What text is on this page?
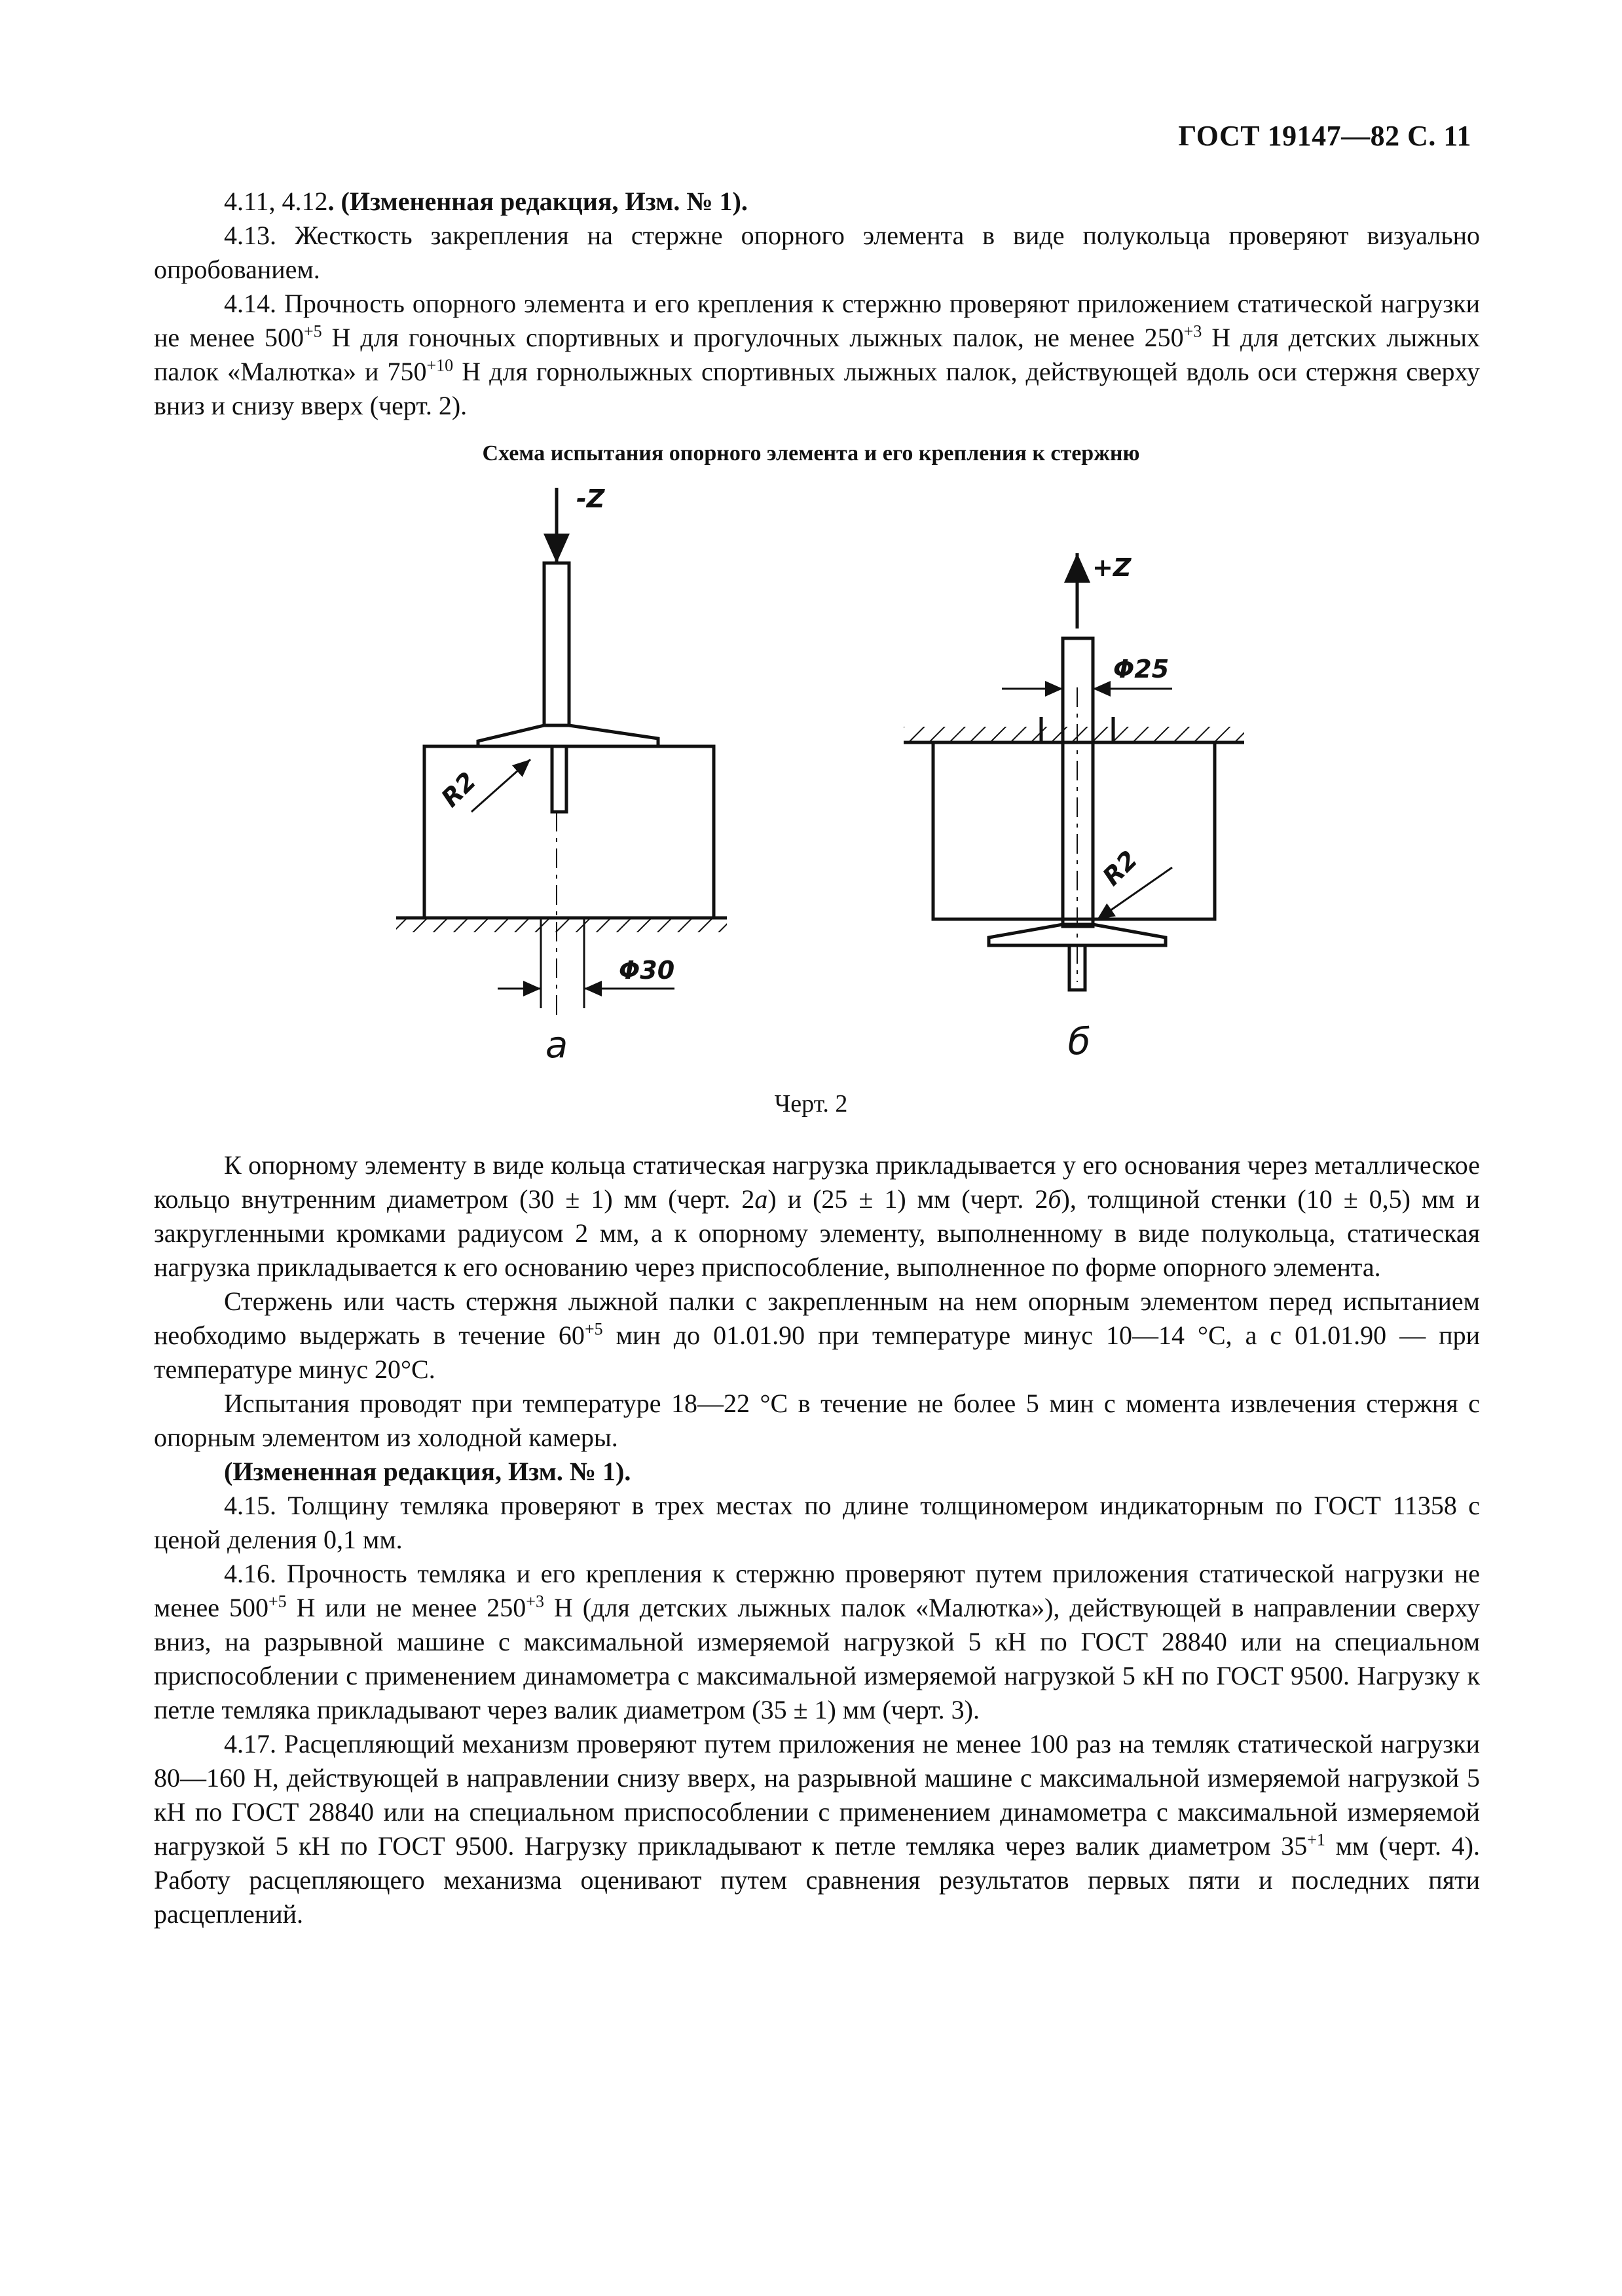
ГОСТ 19147—82 С. 11

4.11, 4.12. (Измененная редакция, Изм. № 1).

4.13. Жесткость закрепления на стержне опорного элемента в виде полукольца проверяют визуально опробованием.

4.14. Прочность опорного элемента и его крепления к стержню проверяют приложением статической нагрузки не менее $500^{+5}$ Н для гоночных спортивных и прогулочных лыжных палок, не менее $250^{+3}$ Н для детских лыжных палок «Малютка» и $750^{+10}$ Н для горнолыжных спортивных лыжных палок, действующей вдоль оси стержня сверху вниз и снизу вверх (черт. 2).

Схема испытания опорного элемента и его крепления к стержню
-Z
R2
Φ30
а
+Z
Φ25
R2
б
Черт. 2

К опорному элементу в виде кольца статическая нагрузка прикладывается у его основания через металлическое кольцо внутренним диаметром (30 ± 1) мм (черт. 2а) и (25 ± 1) мм (черт. 2б), толщиной стенки (10 ± 0,5) мм и закругленными кромками радиусом 2 мм, а к опорному элементу, выполненному в виде полукольца, статическая нагрузка прикладывается к его основанию через приспособление, выполненное по форме опорного элемента.

Стержень или часть стержня лыжной палки с закрепленным на нем опорным элементом перед испытанием необходимо выдержать в течение $60^{+5}$ мин до 01.01.90 при температуре минус 10—14 °С, а с 01.01.90 — при температуре минус 20°С.

Испытания проводят при температуре 18—22 °С в течение не более 5 мин с момента извлечения стержня с опорным элементом из холодной камеры.

(Измененная редакция, Изм. № 1).

4.15. Толщину темляка проверяют в трех местах по длине толщиномером индикаторным по ГОСТ 11358 с ценой деления 0,1 мм.

4.16. Прочность темляка и его крепления к стержню проверяют путем приложения статической нагрузки не менее $500^{+5}$ Н или не менее $250^{+3}$ Н (для детских лыжных палок «Малютка»), действующей в направлении сверху вниз, на разрывной машине с максимальной измеряемой нагрузкой 5 кН по ГОСТ 28840 или на специальном приспособлении с применением динамометра с максимальной измеряемой нагрузкой 5 кН по ГОСТ 9500. Нагрузку к петле темляка прикладывают через валик диаметром (35 ± 1) мм (черт. 3).

4.17. Расцепляющий механизм проверяют путем приложения не менее 100 раз на темляк статической нагрузки 80—160 Н, действующей в направлении снизу вверх, на разрывной машине с максимальной измеряемой нагрузкой 5 кН по ГОСТ 28840 или на специальном приспособлении с применением динамометра с максимальной измеряемой нагрузкой 5 кН по ГОСТ 9500. Нагрузку прикладывают к петле темляка через валик диаметром $35^{+1}$ мм (черт. 4). Работу расцепляющего механизма оценивают путем сравнения результатов первых пяти и последних пяти расцеплений.
